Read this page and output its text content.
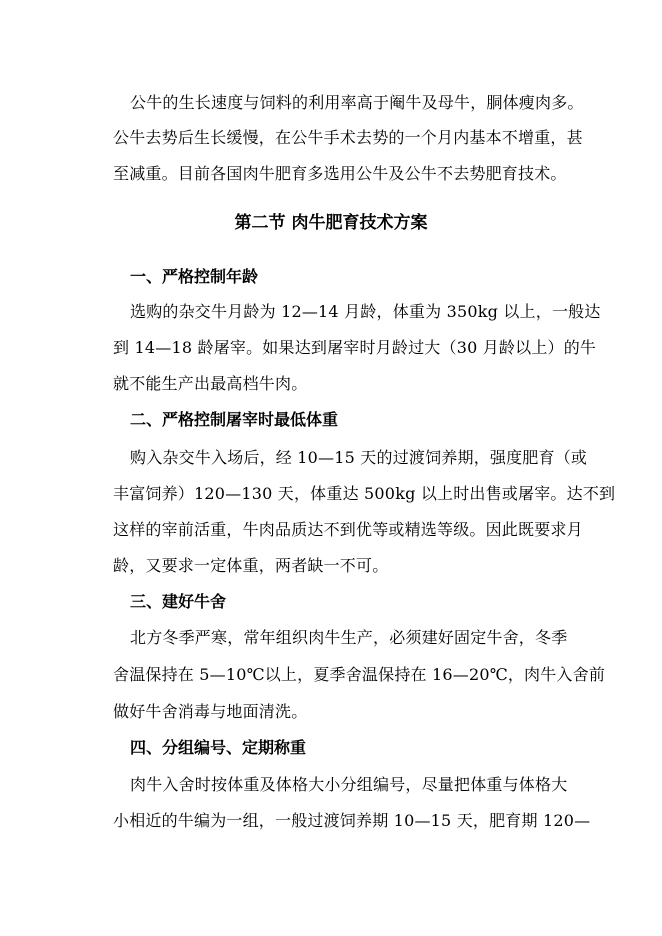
公牛的生长速度与饲料的利用率高于阉牛及母牛，胴体瘦肉多。
公牛去势后生长缓慢，在公牛手术去势的一个月内基本不增重，甚
至减重。目前各国肉牛肥育多选用公牛及公牛不去势肥育技术。
第二节 肉牛肥育技术方案
一、严格控制年龄
选购的杂交牛月龄为 12—14 月龄，体重为 350kg 以上，一般达
到 14—18 龄屠宰。如果达到屠宰时月龄过大（30 月龄以上）的牛
就不能生产出最高档牛肉。
二、严格控制屠宰时最低体重
购入杂交牛入场后，经 10—15 天的过渡饲养期，强度肥育（或
丰富饲养）120—130 天，体重达 500kg 以上时出售或屠宰。达不到
这样的宰前活重，牛肉品质达不到优等或精选等级。因此既要求月
龄，又要求一定体重，两者缺一不可。
三、建好牛舍
北方冬季严寒，常年组织肉牛生产，必须建好固定牛舍，冬季
舍温保持在 5—10℃以上，夏季舍温保持在 16—20℃，肉牛入舍前
做好牛舍消毒与地面清洗。
四、分组编号、定期称重
肉牛入舍时按体重及体格大小分组编号，尽量把体重与体格大
小相近的牛编为一组，一般过渡饲养期 10—15 天，肥育期 120—
